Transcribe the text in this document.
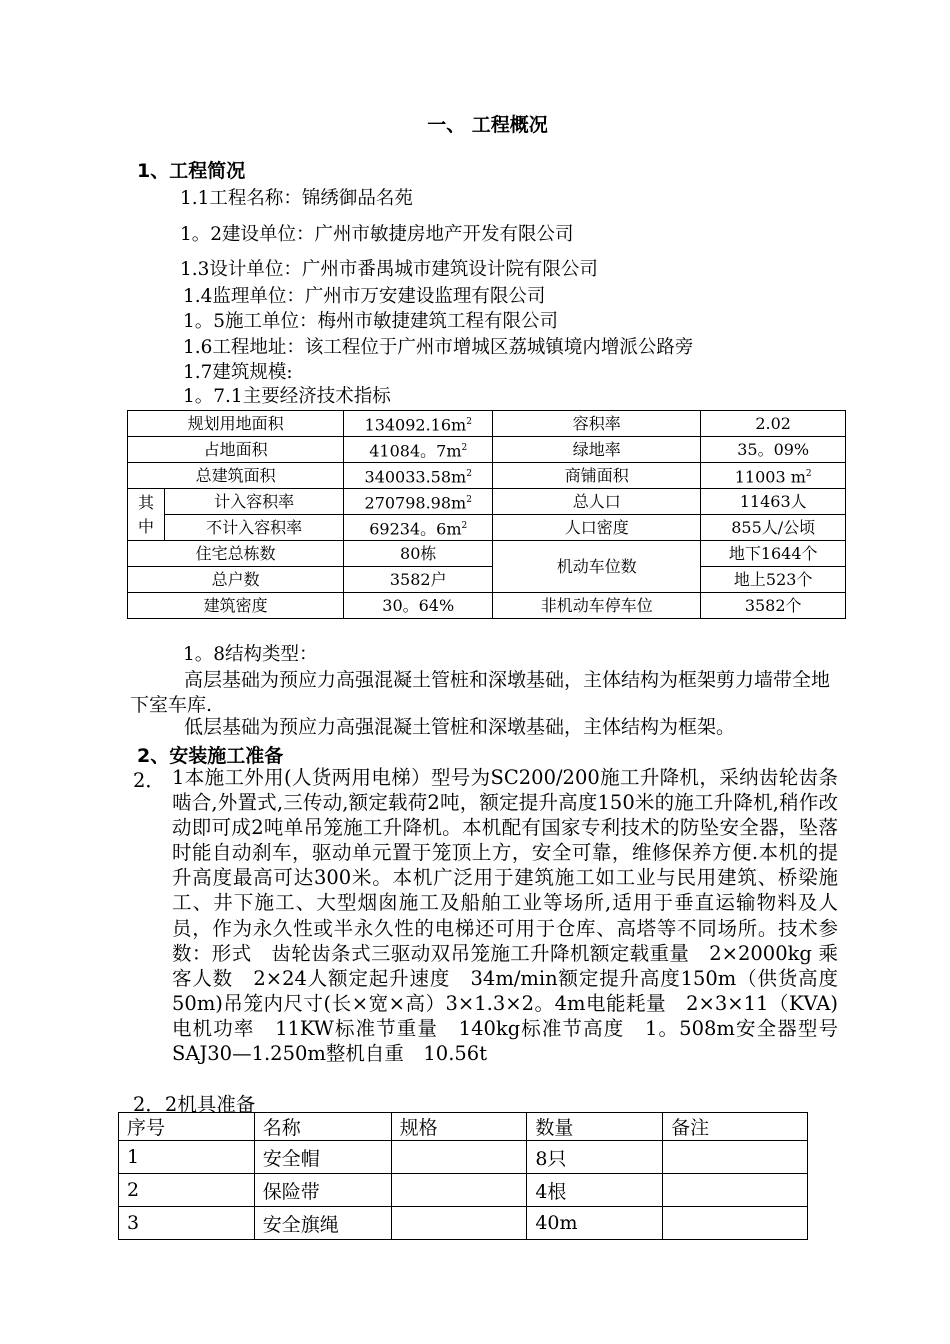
一、 工程概况
1、工程简况
1.1工程名称：锦绣御品名苑
1。2建设单位：广州市敏捷房地产开发有限公司
1.3设计单位：广州市番禺城市建筑设计院有限公司
1.4监理单位：广州市万安建设监理有限公司
1。5施工单位：梅州市敏捷建筑工程有限公司
1.6工程地址：该工程位于广州市增城区荔城镇境内增派公路旁
1.7建筑规模:
1。7.1主要经济技术指标
规划用地面积		$134092.16m^2$	容积率	2.02
占地面积		41084。$7m^2$	绿地率	35。09%
总建筑面积		$340033.58m^2$	商铺面积	11003 $m^2$
其中	计入容积率	$270798.98m^2$	总人口	11463人
	不计入容积率	69234。$6m^2$	人口密度	855人/公顷
住宅总栋数		80栋	机动车位数	地下1644个
总户数		3582户		地上523个
建筑密度		30。64%	非机动车停车位	3582个
1。8结构类型：
高层基础为预应力高强混凝土管桩和深墩基础，主体结构为框架剪力墙带全地下室车库.
低层基础为预应力高强混凝土管桩和深墩基础，主体结构为框架。
2、安装施工准备
2． 1本施工外用(人货两用电梯）型号为SC200/200施工升降机，采纳齿轮齿条啮合,外置式,三传动,额定载荷2吨，额定提升高度150米的施工升降机,稍作改动即可成2吨单吊笼施工升降机。本机配有国家专利技术的防坠安全器，坠落时能自动刹车，驱动单元置于笼顶上方，安全可靠，维修保养方便.本机的提升高度最高可达300米。本机广泛用于建筑施工如工业与民用建筑、桥梁施工、井下施工、大型烟囱施工及船舶工业等场所,适用于垂直运输物料及人员，作为永久性或半永久性的电梯还可用于仓库、高塔等不同场所。技术参数：形式　齿轮齿条式三驱动双吊笼施工升降机额定载重量　2×2000kg 乘客人数　2×24人额定起升速度　34m/min额定提升高度150m（供货高度50m)吊笼内尺寸(长×宽×高）3×1.3×2。4m电能耗量　2×3×11（KVA)电机功率　11KW标准节重量　140kg标准节高度　1。508m安全器型号　SAJ30—1.250m整机自重　10.56t
2．2机具准备
序号	名称	规格	数量	备注
1	安全帽		8只	
2	保险带		4根	
3	安全旗绳		40m	
